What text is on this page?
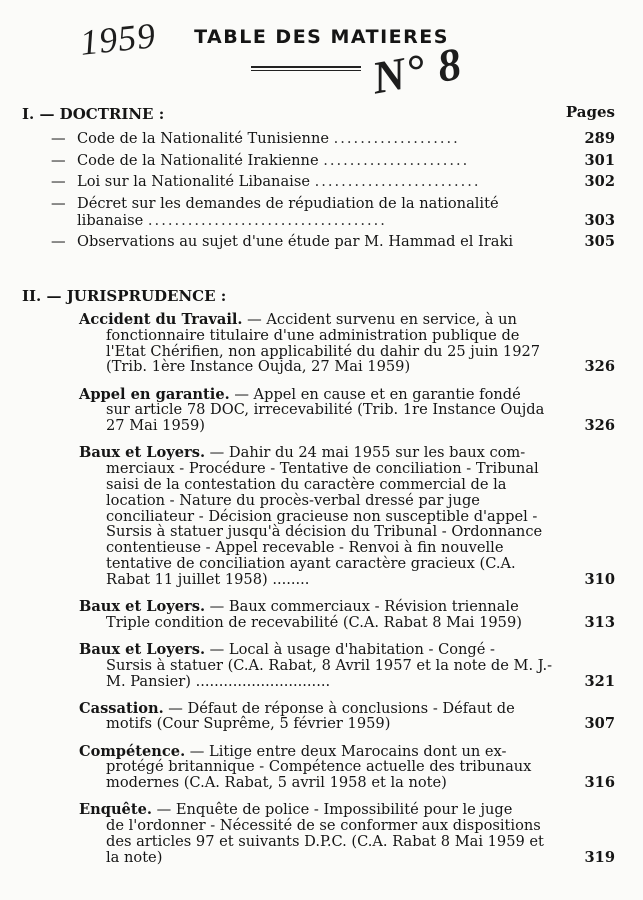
1959	TABLE DES MATIERES
N° 8
I. — DOCTRINE :	Pages
— Code de la Nationalité Tunisienne ...................	289
— Code de la Nationalité Irakienne ......................	301
— Loi sur la Nationalité Libanaise .........................	302
— Décret sur les demandes de répudiation de la nationalité libanaise ....................................	303
— Observations au sujet d'une étude par M. Hammad el Iraki	305
II. — JURISPRUDENCE :
Accident du Travail. — Accident survenu en service, à un
fonctionnaire titulaire d'une administration publique de l'Etat Chérifien, non applicabilité du dahir du 25 juin 1927 (Trib. 1ère Instance Oujda, 27 Mai 1959)	326
Appel en garantie. — Appel en cause et en garantie fondé
sur article 78 DOC, irrecevabilité (Trib. 1re Instance Oujda 27 Mai 1959)	326
Baux et Loyers. — Dahir du 24 mai 1955 sur les baux com-
merciaux - Procédure - Tentative de conciliation - Tribunal saisi de la contestation du caractère commercial de la location - Nature du procès-verbal dressé par juge conciliateur - Décision gracieuse non susceptible d'appel - Sursis à statuer jusqu'à décision du Tribunal - Ordonnance contentieuse - Appel recevable - Renvoi à fin nouvelle tentative de conciliation ayant caractère gracieux (C.A. Rabat 11 juillet 1958) ........	310
Baux et Loyers. — Baux commerciaux - Révision triennale
Triple condition de recevabilité (C.A. Rabat 8 Mai 1959)	313
Baux et Loyers. — Local à usage d'habitation - Congé -
Sursis à statuer (C.A. Rabat, 8 Avril 1957 et la note de M. J.-M. Pansier) .............................	321
Cassation. — Défaut de réponse à conclusions - Défaut de
motifs (Cour Suprême, 5 février 1959)	307
Compétence. — Litige entre deux Marocains dont un ex-
protégé britannique - Compétence actuelle des tribunaux modernes (C.A. Rabat, 5 avril 1958 et la note)	316
Enquête. — Enquête de police - Impossibilité pour le juge
de l'ordonner - Nécessité de se conformer aux dispositions des articles 97 et suivants D.P.C. (C.A. Rabat 8 Mai 1959 et la note)	319
